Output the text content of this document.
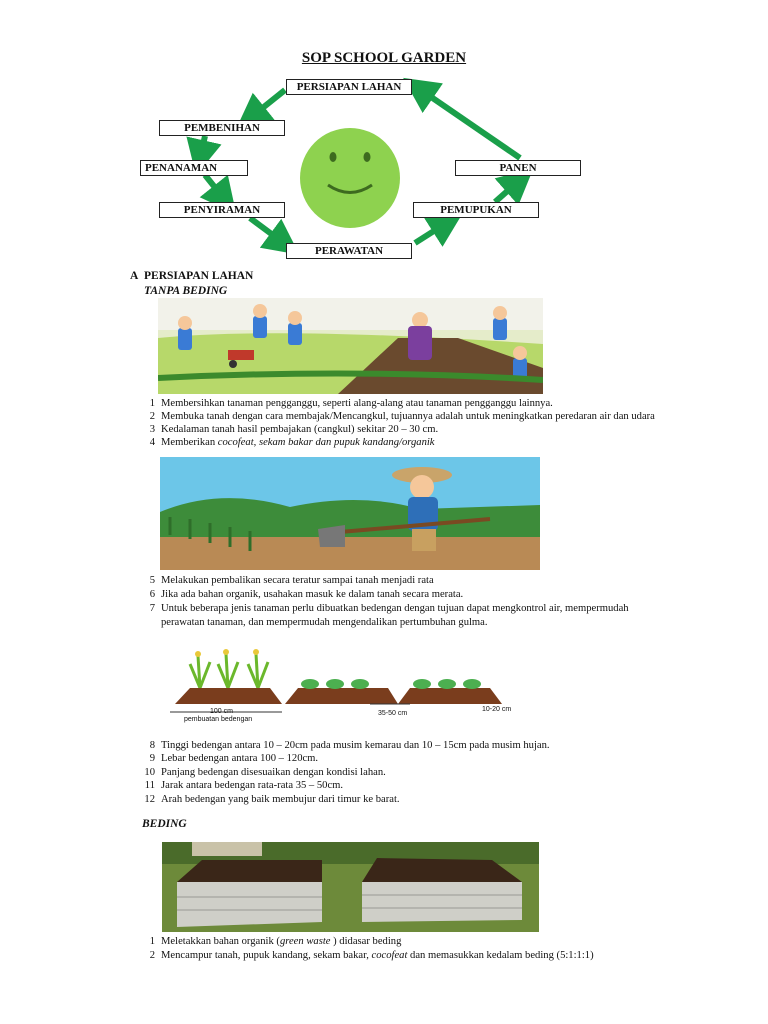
SOP SCHOOL GARDEN
PERSIAPAN LAHAN
PEMBENIHAN
PENANAMAN
PENYIRAMAN
PERAWATAN
PEMUPUKAN
PANEN
A PERSIAPAN LAHAN
TANPA BEDING
1 Membersihkan tanaman pengganggu, seperti alang-alang atau tanaman pengganggu lainnya.
2 Membuka tanah dengan cara membajak/Mencangkul, tujuannya adalah untuk meningkatkan peredaran air dan udara
3 Kedalaman tanah hasil pembajakan (cangkul) sekitar 20 – 30 cm.
4 Memberikan cocofeat, sekam bakar dan pupuk kandang/organik
5 Melakukan pembalikan secara teratur sampai tanah menjadi rata
6 Jika ada bahan organik, usahakan masuk ke dalam tanah secara merata.
7 Untuk beberapa jenis tanaman perlu dibuatkan bedengan dengan tujuan dapat mengkontrol air, mempermudah
perawatan tanaman, dan mempermudah mengendalikan pertumbuhan gulma.
100 cm
pembuatan bedengan
35-50 cm
10-20 cm
8 Tinggi bedengan antara 10 – 20cm pada musim kemarau dan 10 – 15cm pada musim hujan.
9 Lebar bedengan antara 100 – 120cm.
10 Panjang bedengan disesuaikan dengan kondisi lahan.
11 Jarak antara bedengan rata-rata 35 – 50cm.
12 Arah bedengan yang baik membujur dari timur ke barat.
BEDING
1 Meletakkan bahan organik (green waste ) didasar beding
2 Mencampur tanah, pupuk kandang, sekam bakar, cocofeat dan memasukkan kedalam beding (5:1:1:1)
